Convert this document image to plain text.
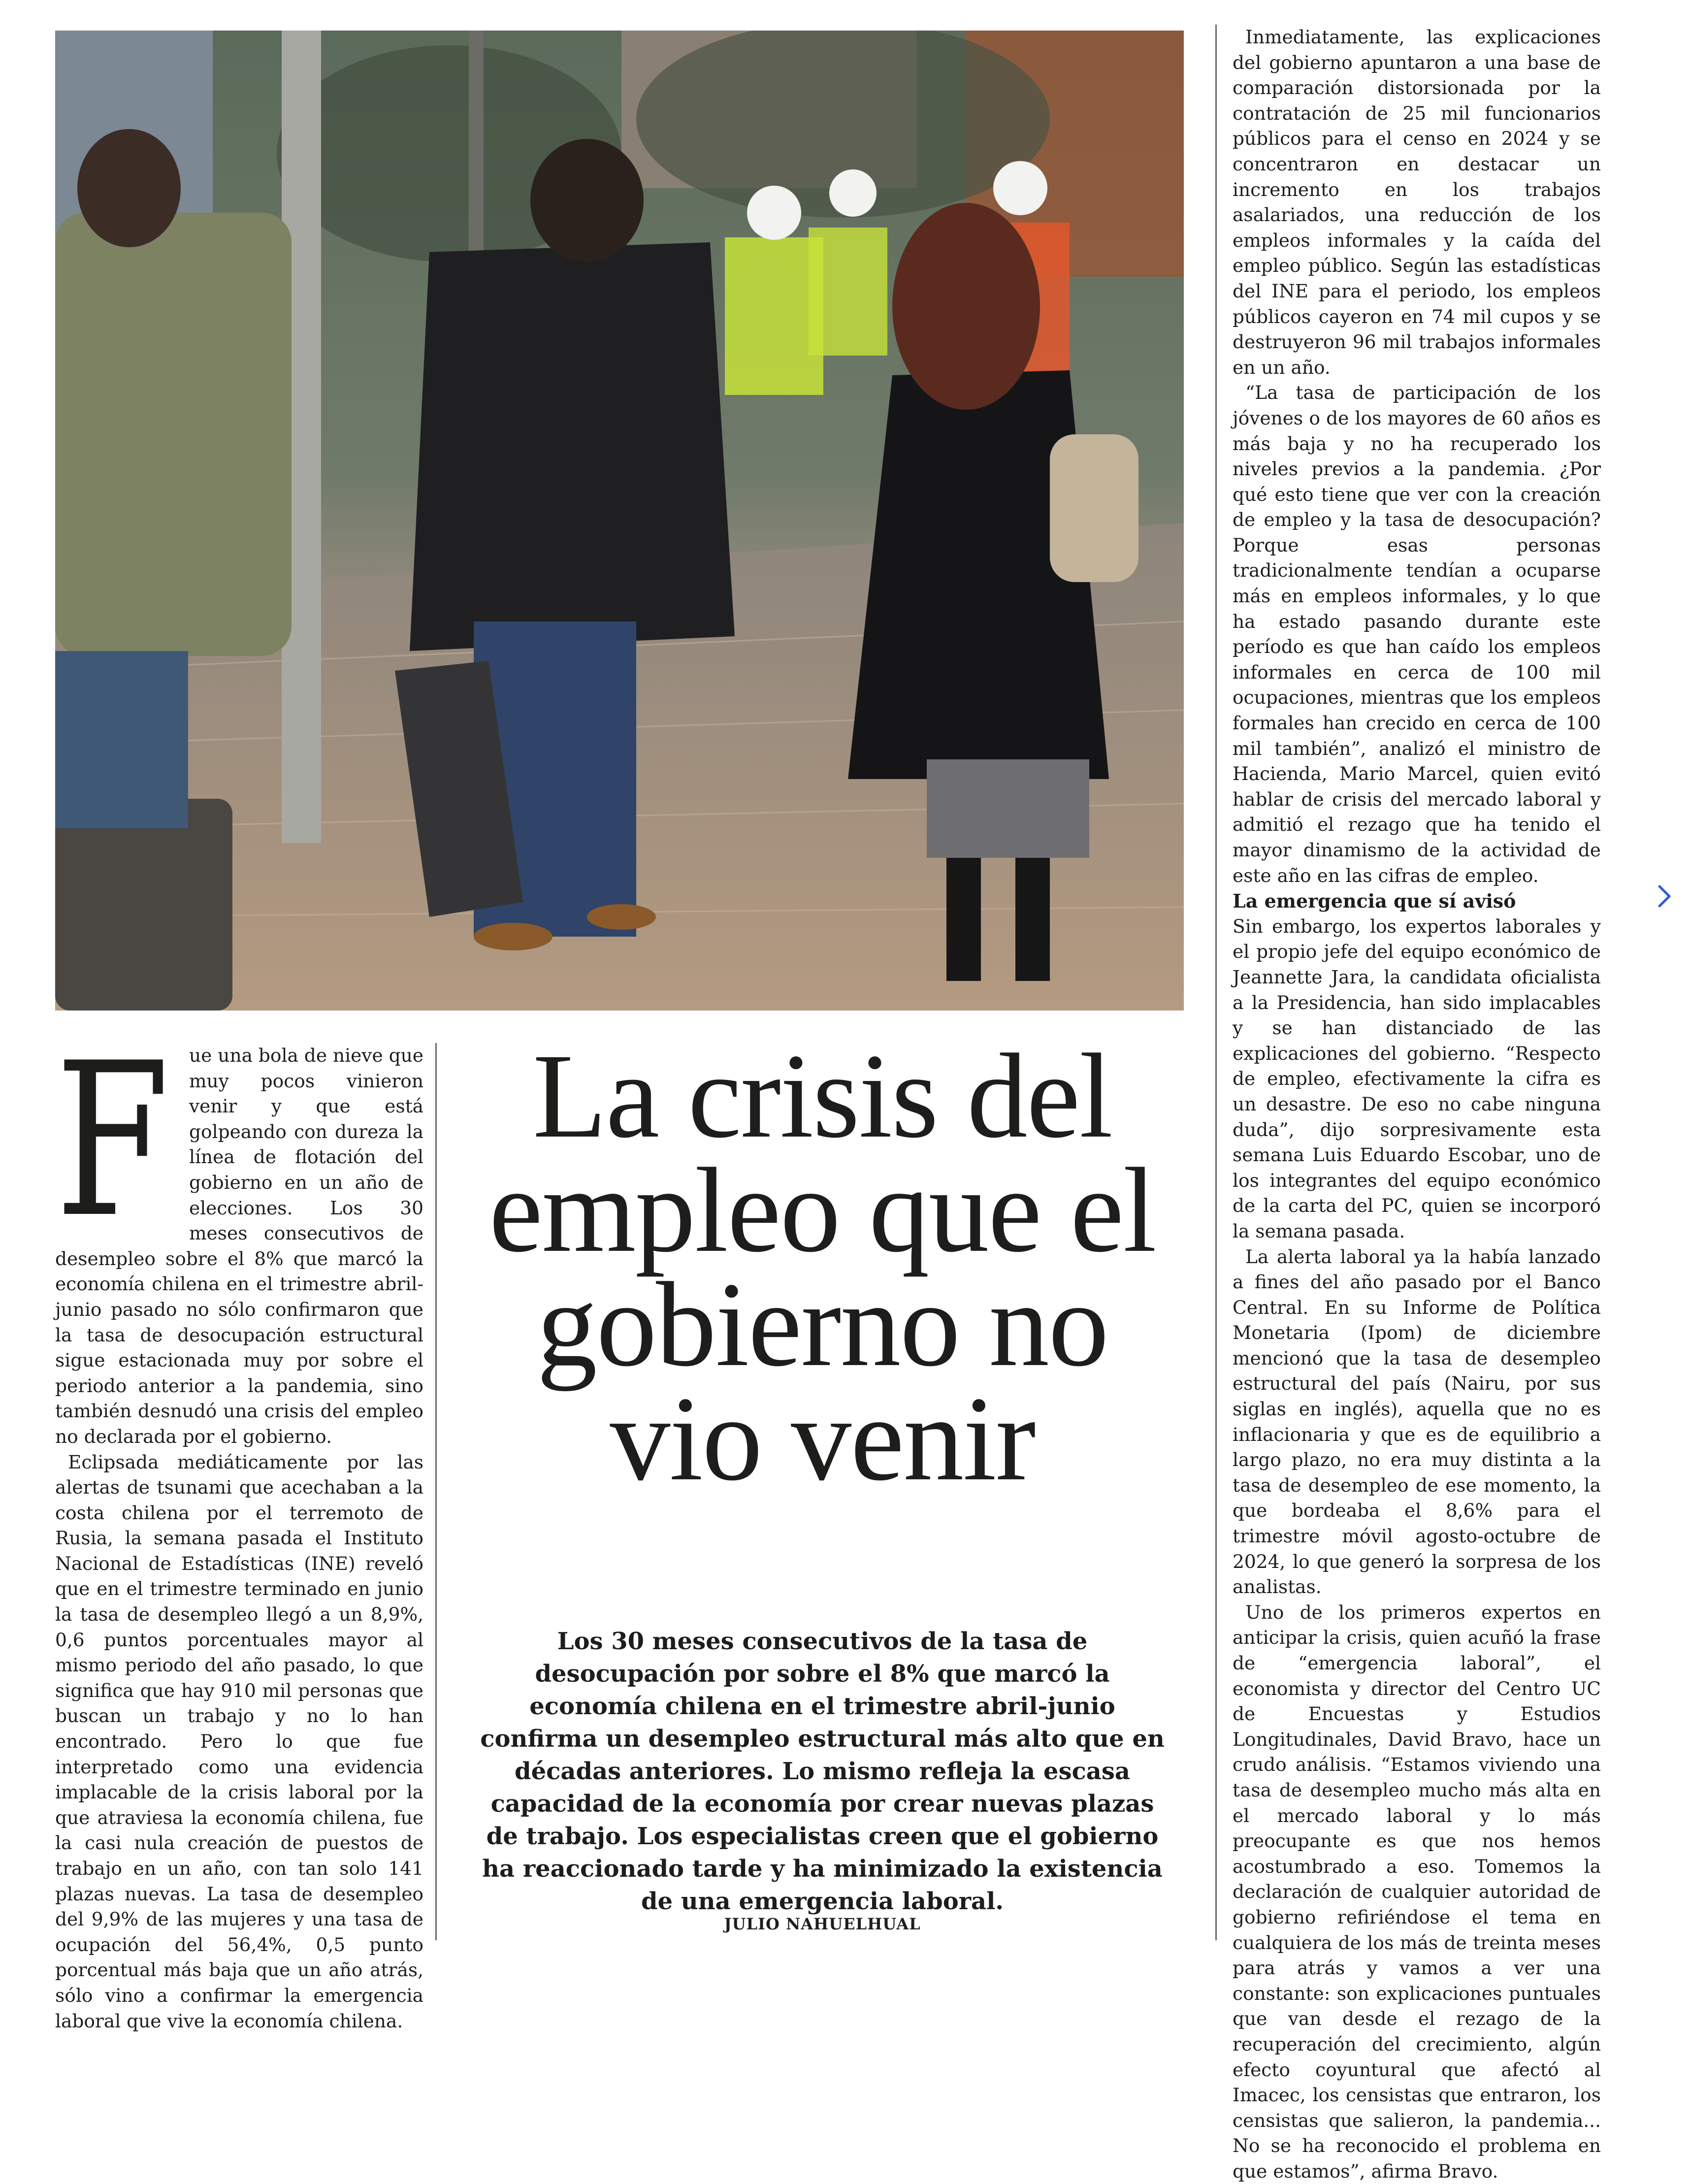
F	ue una bola de nieve que muy pocos vinieron venir y que está golpeando con dureza la línea de flotación del gobierno en un año de elecciones. Los 30 meses consecutivos de desempleo sobre el 8% que marcó la economía chilena en el trimestre abril-junio pasado no sólo confirmaron que la tasa de desocupación estructural sigue estacionada muy por sobre el periodo anterior a la pandemia, sino también desnudó una crisis del empleo no declarada por el gobierno.

Eclipsada mediáticamente por las alertas de tsunami que acechaban a la costa chilena por el terremoto de Rusia, la semana pasada el Instituto Nacional de Estadísticas (INE) reveló que en el trimestre terminado en junio la tasa de desempleo llegó a un 8,9%, 0,6 puntos porcentuales mayor al mismo periodo del año pasado, lo que significa que hay 910 mil personas que buscan un trabajo y no lo han encontrado. Pero lo que fue interpretado como una evidencia implacable de la crisis laboral por la que atraviesa la economía chilena, fue la casi nula creación de puestos de trabajo en un año, con tan solo 141 plazas nuevas. La tasa de desempleo del 9,9% de las mujeres y una tasa de ocupación del 56,4%, 0,5 punto porcentual más baja que un año atrás, sólo vino a confirmar la emergencia laboral que vive la economía chilena.

La crisis del empleo que el gobierno no vio venir

Los 30 meses consecutivos de la tasa de desocupación por sobre el 8% que marcó la economía chilena en el trimestre abril-junio confirma un desempleo estructural más alto que en décadas anteriores. Lo mismo refleja la escasa capacidad de la economía por crear nuevas plazas de trabajo. Los especialistas creen que el gobierno ha reaccionado tarde y ha minimizado la existencia de una emergencia laboral.

JULIO NAHUELHUAL

Inmediatamente, las explicaciones del gobierno apuntaron a una base de comparación distorsionada por la contratación de 25 mil funcionarios públicos para el censo en 2024 y se concentraron en destacar un incremento en los trabajos asalariados, una reducción de los empleos informales y la caída del empleo público. Según las estadísticas del INE para el periodo, los empleos públicos cayeron en 74 mil cupos y se destruyeron 96 mil trabajos informales en un año.

“La tasa de participación de los jóvenes o de los mayores de 60 años es más baja y no ha recuperado los niveles previos a la pandemia. ¿Por qué esto tiene que ver con la creación de empleo y la tasa de desocupación? Porque esas personas tradicionalmente tendían a ocuparse más en empleos informales, y lo que ha estado pasando durante este período es que han caído los empleos informales en cerca de 100 mil ocupaciones, mientras que los empleos formales han crecido en cerca de 100 mil también”, analizó el ministro de Hacienda, Mario Marcel, quien evitó hablar de crisis del mercado laboral y admitió el rezago que ha tenido el mayor dinamismo de la actividad de este año en las cifras de empleo.

La emergencia que sí avisó

Sin embargo, los expertos laborales y el propio jefe del equipo económico de Jeannette Jara, la candidata oficialista a la Presidencia, han sido implacables y se han distanciado de las explicaciones del gobierno. “Respecto de empleo, efectivamente la cifra es un desastre. De eso no cabe ninguna duda”, dijo sorpresivamente esta semana Luis Eduardo Escobar, uno de los integrantes del equipo económico de la carta del PC, quien se incorporó la semana pasada.

La alerta laboral ya la había lanzado a fines del año pasado por el Banco Central. En su Informe de Política Monetaria (Ipom) de diciembre mencionó que la tasa de desempleo estructural del país (Nairu, por sus siglas en inglés), aquella que no es inflacionaria y que es de equilibrio a largo plazo, no era muy distinta a la tasa de desempleo de ese momento, la que bordeaba el 8,6% para el trimestre móvil agosto-octubre de 2024, lo que generó la sorpresa de los analistas.

Uno de los primeros expertos en anticipar la crisis, quien acuñó la frase de “emergencia laboral”, el economista y director del Centro UC de Encuestas y Estudios Longitudinales, David Bravo, hace un crudo análisis. “Estamos viviendo una tasa de desempleo mucho más alta en el mercado laboral y lo más preocupante es que nos hemos acostumbrado a eso. Tomemos la declaración de cualquier autoridad de gobierno refiriéndose el tema en cualquiera de los más de treinta meses para atrás y vamos a ver una constante: son explicaciones puntuales que van desde el rezago de la recuperación del crecimiento, algún efecto coyuntural que afectó al Imacec, los censistas que entraron, los censistas que salieron, la pandemia... No se ha reconocido el problema en que estamos”, afirma Bravo.
